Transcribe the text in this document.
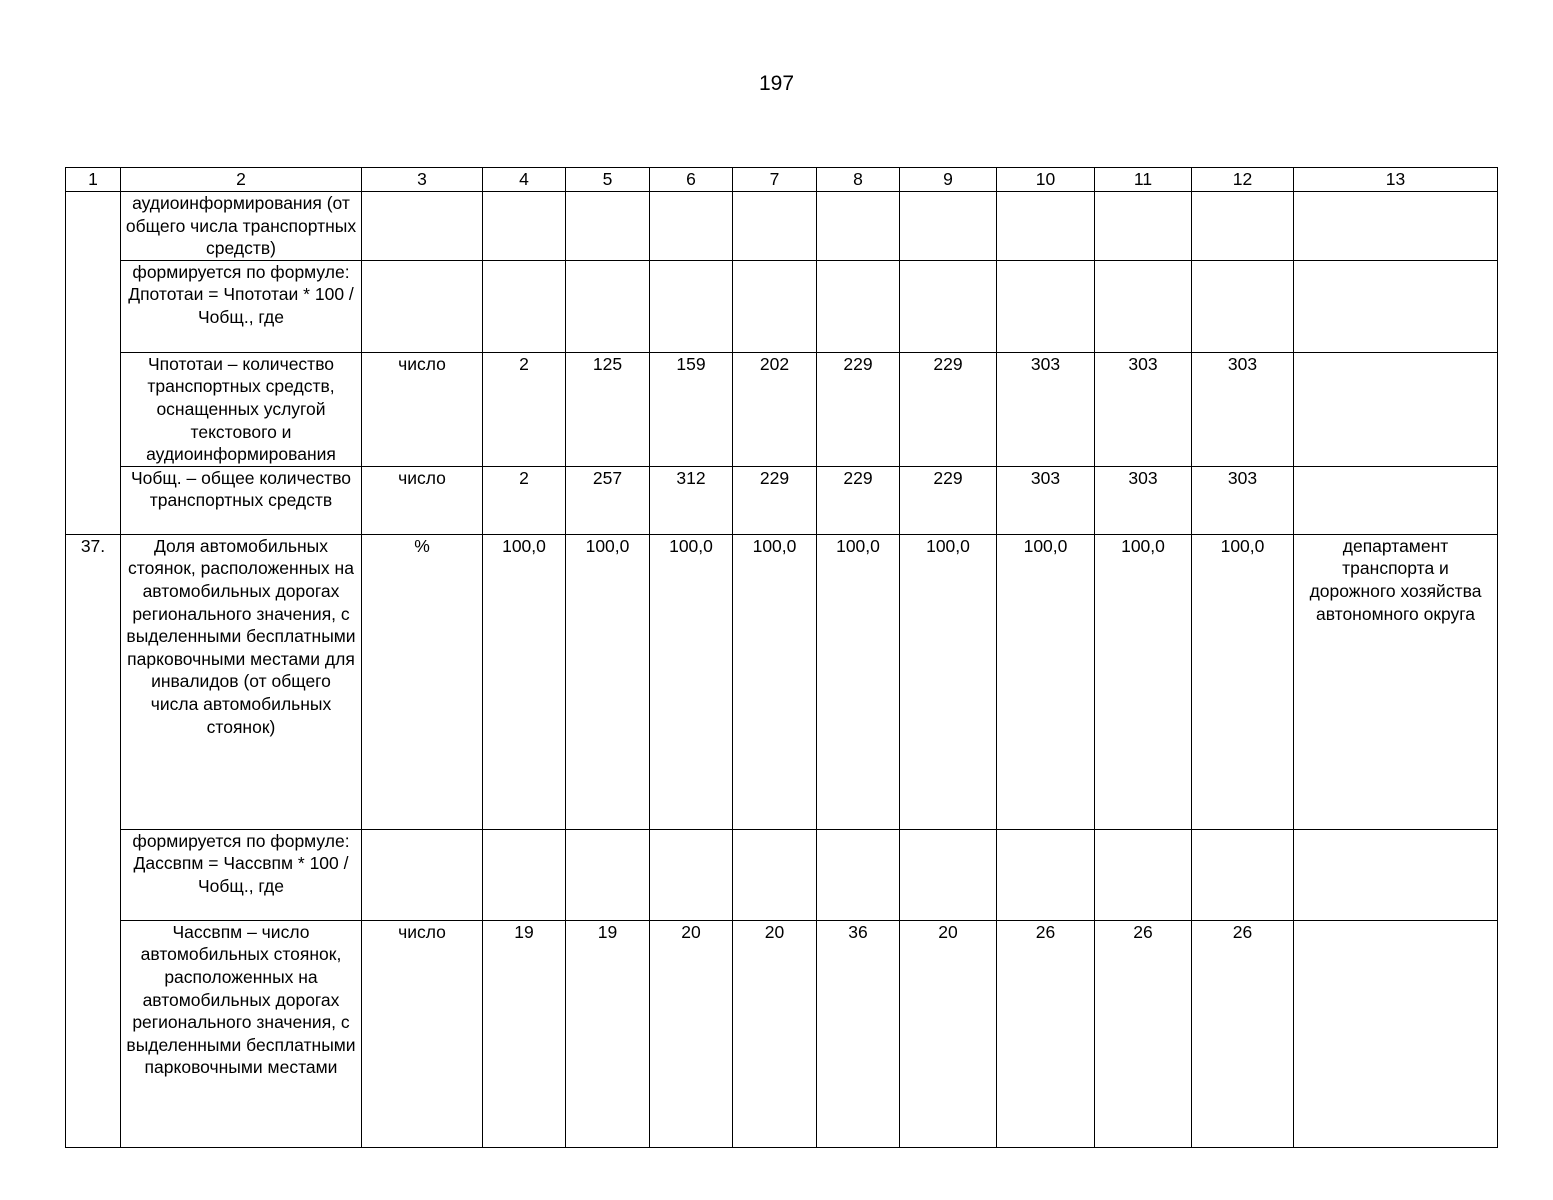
197
1	2	3	4	5	6	7	8	9	10	11	12	13
	аудиоинформирования (от общего числа транспортных средств)											
	формируется по формуле: Дпототаи = Чпототаи * 100 / Чобщ., где											
	Чпототаи – количество транспортных средств, оснащенных услугой текстового и аудиоинформирования	число	2	125	159	202	229	229	303	303	303	
	Чобщ. – общее количество транспортных средств	число	2	257	312	229	229	229	303	303	303	
37.	Доля автомобильных стоянок, расположенных на автомобильных дорогах регионального значения, с выделенными бесплатными парковочными местами для инвалидов (от общего числа автомобильных стоянок)	%	100,0	100,0	100,0	100,0	100,0	100,0	100,0	100,0	100,0	департамент транспорта и дорожного хозяйства автономного округа
	формируется по формуле: Дассвпм = Чассвпм * 100 / Чобщ., где											
	Чассвпм – число автомобильных стоянок, расположенных на автомобильных дорогах регионального значения, с выделенными бесплатными парковочными местами	число	19	19	20	20	36	20	26	26	26	
